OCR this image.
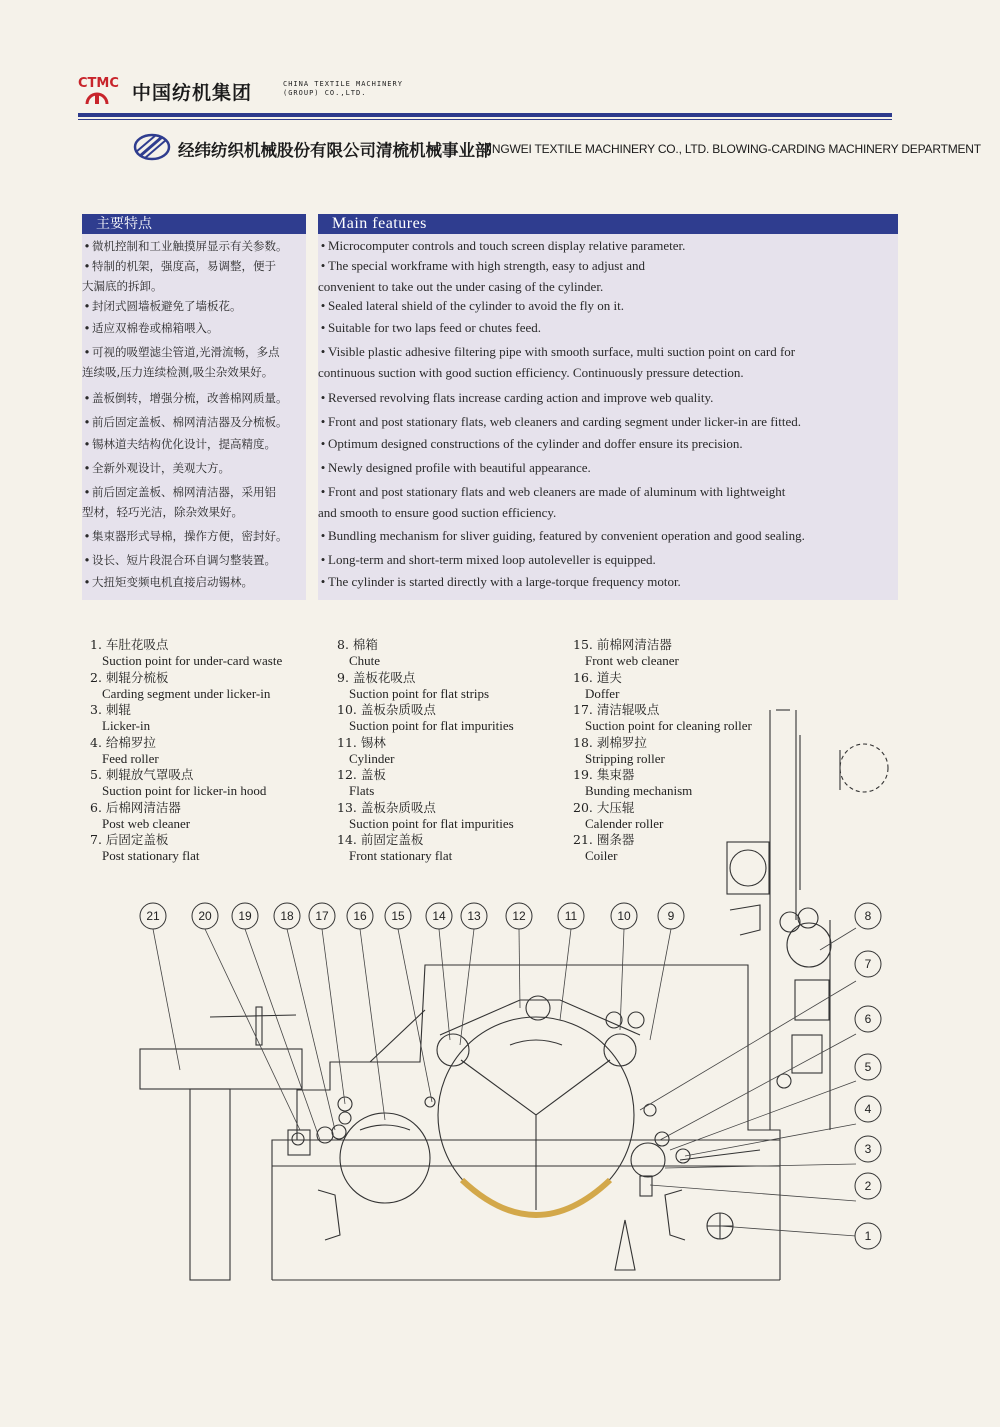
CTMC 中国纺机集团	CHINA TEXTILE MACHINERY
(GROUP) CO.,LTD.
经纬纺织机械股份有限公司清梳机械事业部
JINGWEI TEXTILE MACHINERY CO., LTD. BLOWING-CARDING MACHINERY DEPARTMENT
主要特点
• 微机控制和工业触摸屏显示有关参数。
• 特制的机架，强度高，易调整，便于
大漏底的拆卸。
• 封闭式圆墙板避免了墙板花。
• 适应双棉卷或棉箱喂入。
• 可视的吸塑滤尘管道,光滑流畅，多点
连续吸,压力连续检测,吸尘杂效果好。
• 盖板倒转，增强分梳，改善棉网质量。
• 前后固定盖板、棉网清洁器及分梳板。
• 锡林道夫结构优化设计，提高精度。
• 全新外观设计，美观大方。
• 前后固定盖板、棉网清洁器，采用铝
型材，轻巧光洁，除杂效果好。
• 集束器形式导棉，操作方便，密封好。
• 设长、短片段混合环自调匀整装置。
• 大扭矩变频电机直接启动锡林。
Main features
• Microcomputer controls and touch screen display relative parameter.
• The special workframe with high strength, easy to adjust and
convenient to take out the under casing of the cylinder.
• Sealed lateral shield of the cylinder to avoid the fly on it.
• Suitable for two laps feed or chutes feed.
• Visible plastic adhesive filtering pipe with smooth surface, multi suction point on card for
continuous suction with good suction efficiency. Continuously pressure detection.
• Reversed revolving flats increase carding action and improve web quality.
• Front and post stationary flats, web cleaners and carding segment under licker-in are fitted.
• Optimum designed constructions of the cylinder and doffer ensure its precision.
• Newly designed profile with beautiful appearance.
• Front and post stationary flats and web cleaners are made of aluminum with lightweight
and smooth to ensure good suction efficiency.
• Bundling mechanism for sliver guiding, featured by convenient operation and good sealing.
• Long-term and short-term mixed loop autoleveller is equipped.
• The cylinder is started directly with a large-torque frequency motor.
1. 车肚花吸点
Suction point for under-card waste
2. 刺辊分梳板
Carding segment under licker-in
3. 刺辊
Licker-in
4. 给棉罗拉
Feed roller
5. 刺辊放气罩吸点
Suction point for licker-in hood
6. 后棉网清洁器
Post web cleaner
7. 后固定盖板
Post stationary flat
8. 棉箱
Chute
9. 盖板花吸点
Suction point for flat strips
10. 盖板杂质吸点
Suction point for flat impurities
11. 锡林
Cylinder
12. 盖板
Flats
13. 盖板杂质吸点
Suction point for flat impurities
14. 前固定盖板
Front stationary flat
15. 前棉网清洁器
Front web cleaner
16. 道夫
Doffer
17. 清洁辊吸点
Suction point for cleaning roller
18. 剥棉罗拉
Stripping roller
19. 集束器
Bunding mechanism
20. 大压辊
Calender roller
21. 圈条器
Coiler
21	20 19 18 17 16 15 14 13	12	11	10	9	8
7
6
5
4
3
2
1
